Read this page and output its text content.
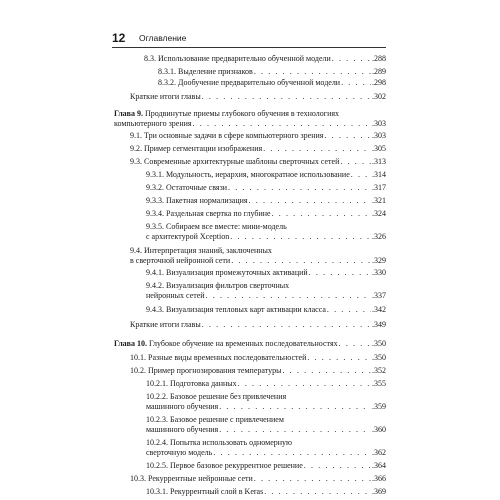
12 Оглавление
8.3. Использование предварительно обученной модели . . .	.288
8.3.1. Выделение признаков . . .	.289
8.3.2. Дообучение предварительно обученной модели . . .	.298
Краткие итоги главы . . .	.302
Глава 9.
Продвинутые приемы глубокого обучения в технологиях
компьютерного зрения . . .	.303
9.1. Три основные задачи в сфере компьютерного зрения . . .	.303
9.2. Пример сегментации изображения . . .	.305
9.3. Современные архитектурные шаблоны сверточных сетей . . .	.313
9.3.1. Модульность, иерархия, многократное использование . . .	.314
9.3.2. Остаточные связи . . .	.317
9.3.3. Пакетная нормализация . . .	.321
9.3.4. Раздельная свертка по глубине . . .	.324
9.3.5. Собираем все вместе: мини-модель
с архитектурой Xception . . .	.326
9.4. Интерпретация знаний, заключенных
в сверточной нейронной сети . . .	.329
9.4.1. Визуализация промежуточных активаций . . .	.330
9.4.2. Визуализация фильтров сверточных
нейронных сетей . . .	.337
9.4.3. Визуализация тепловых карт активации класса . . .	.342
Краткие итоги главы . . .	.349
Глава 10.
Глубокое обучение на временных последовательностях . . .	.350
10.1. Разные виды временных последовательностей . . .	.350
10.2. Пример прогнозирования температуры . . .	.352
10.2.1. Подготовка данных . . .	.355
10.2.2. Базовое решение без привлечения
машинного обучения . . .	.359
10.2.3. Базовое решение с привлечением
машинного обучения . . .	.360
10.2.4. Попытка использовать одномерную
сверточную модель . . .	.362
10.2.5. Первое базовое рекуррентное решение . . .	.364
10.3. Рекуррентные нейронные сети . . .	.366
10.3.1. Рекуррентный слой в Keras . . .	.369
